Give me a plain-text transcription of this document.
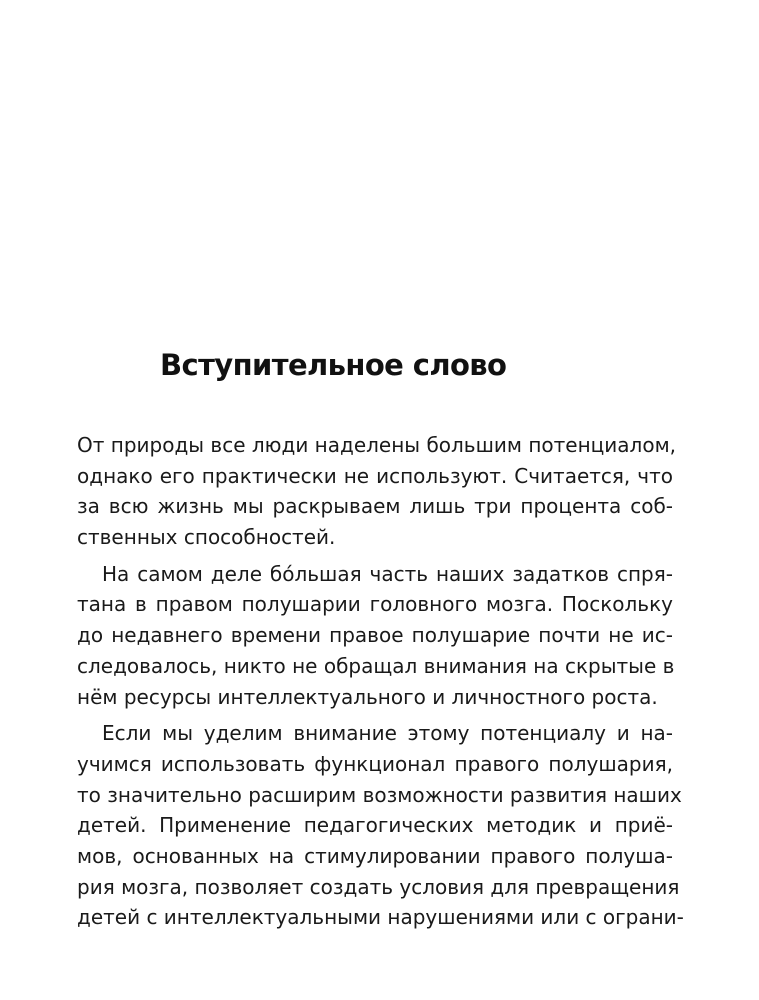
Вступительное слово
От природы все люди наделены большим потенциалом,
однако его практически не используют. Считается, что
за всю жизнь мы раскрываем лишь три процента соб-
ственных способностей.
На самом деле бо́льшая часть наших задатков спря-
тана в правом полушарии головного мозга. Поскольку
до недавнего времени правое полушарие почти не ис-
следовалось, никто не обращал внимания на скрытые в
нём ресурсы интеллектуального и личностного роста.
Если мы уделим внимание этому потенциалу и на-
учимся использовать функционал правого полушария,
то значительно расширим возможности развития наших
детей. Применение педагогических методик и приё-
мов, основанных на стимулировании правого полуша-
рия мозга, позволяет создать условия для превращения
детей с интеллектуальными нарушениями или с ограни-
